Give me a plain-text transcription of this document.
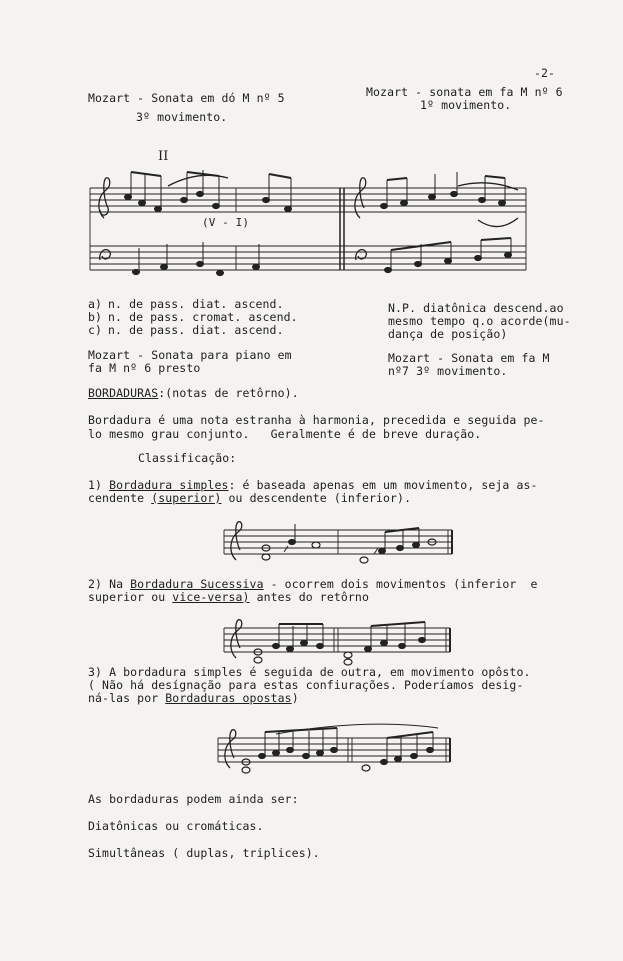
-2-
Mozart - Sonata em dó M nº 5
3º movimento.
Mozart - sonata em fa M nº 6
1º movimento.
II
(V - I)
a) n. de pass. diat. ascend.
b) n. de pass. cromat. ascend.
c) n. de pass. diat. ascend.
N.P. diatônica descend.ao
mesmo tempo q.o acorde(mu-
dança de posição)
Mozart - Sonata para piano em
fa M nº 6 presto
Mozart - Sonata em fa M
nº7 3º movimento.
BORDADURAS:(notas de retôrno).
Bordadura é uma nota estranha à harmonia, precedida e seguida pe-
lo mesmo grau conjunto.   Geralmente é de breve duração.
Classificação:
1) Bordadura simples: é baseada apenas em um movimento, seja as-
cendente (superior) ou descendente (inferior).
2) Na Bordadura Sucessiva - ocorrem dois movimentos (inferior  e
superior ou vice-versa) antes do retôrno
3) A bordadura simples é seguida de outra, em movimento opôsto.
( Não há desígnação para estas confiurações. Poderíamos desig-
ná-las por Bordaduras opostas)
As bordaduras podem ainda ser:
Diatônicas ou cromáticas.
Simultâneas ( duplas, triplices).
